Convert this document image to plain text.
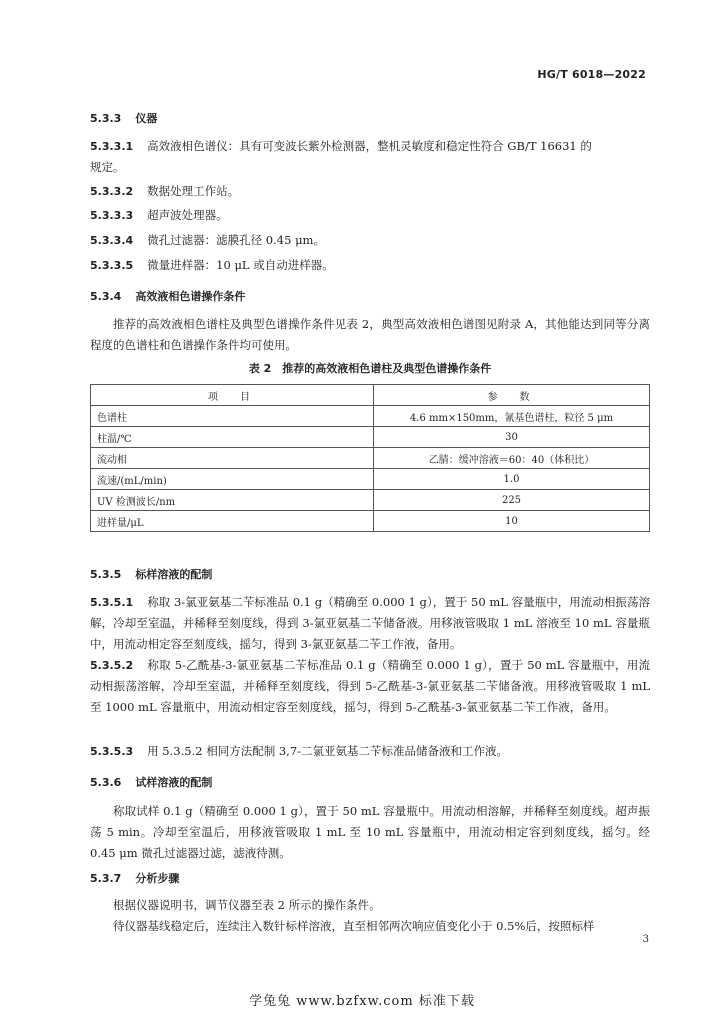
HG/T 6018—2022
5.3.3 仪器
5.3.3.1 高效液相色谱仪：具有可变波长紫外检测器，整机灵敏度和稳定性符合 GB/T 16631 的
规定。
5.3.3.2 数据处理工作站。
5.3.3.3 超声波处理器。
5.3.3.4 微孔过滤器：滤膜孔径 0.45 μm。
5.3.3.5 微量进样器：10 μL 或自动进样器。
5.3.4 高效液相色谱操作条件
推荐的高效液相色谱柱及典型色谱操作条件见表 2，典型高效液相色谱图见附录 A，其他能达到同等分离程度的色谱柱和色谱操作条件均可使用。
表 2　推荐的高效液相色谱柱及典型色谱操作条件
项　目	参　数
色谱柱	4.6 mm×150mm，氰基色谱柱，粒径 5 μm
柱温/℃	30
流动相	乙腈：缓冲溶液＝60：40（体积比）
流速/(mL/min)	1.0
UV 检测波长/nm	225
进样量/μL	10
5.3.5 标样溶液的配制
5.3.5.1 称取 3-氯亚氨基二苄标准品 0.1 g（精确至 0.000 1 g），置于 50 mL 容量瓶中，用流动相振荡溶解，冷却至室温，并稀释至刻度线，得到 3-氯亚氨基二苄储备液。用移液管吸取 1 mL 溶液至 10 mL 容量瓶中，用流动相定容至刻度线，摇匀，得到 3-氯亚氨基二苄工作液，备用。
5.3.5.2 称取 5-乙酰基-3-氯亚氨基二苄标准品 0.1 g（精确至 0.000 1 g），置于 50 mL 容量瓶中，用流动相振荡溶解，冷却至室温，并稀释至刻度线，得到 5-乙酰基-3-氯亚氨基二苄储备液。用移液管吸取 1 mL 至 1000 mL 容量瓶中，用流动相定容至刻度线，摇匀，得到 5-乙酰基-3-氯亚氨基二苄工作液，备用。
5.3.5.3 用 5.3.5.2 相同方法配制 3,7-二氯亚氨基二苄标准品储备液和工作液。
5.3.6 试样溶液的配制
称取试样 0.1 g（精确至 0.000 1 g），置于 50 mL 容量瓶中。用流动相溶解，并稀释至刻度线。超声振荡 5 min。冷却至室温后，用移液管吸取 1 mL 至 10 mL 容量瓶中，用流动相定容到刻度线，摇匀。经 0.45 μm 微孔过滤器过滤，滤液待测。
5.3.7 分析步骤
根据仪器说明书，调节仪器至表 2 所示的操作条件。
待仪器基线稳定后，连续注入数针标样溶液，直至相邻两次响应值变化小于 0.5%后，按照标样
3
学兔兔 www.bzfxw.com 标准下载
